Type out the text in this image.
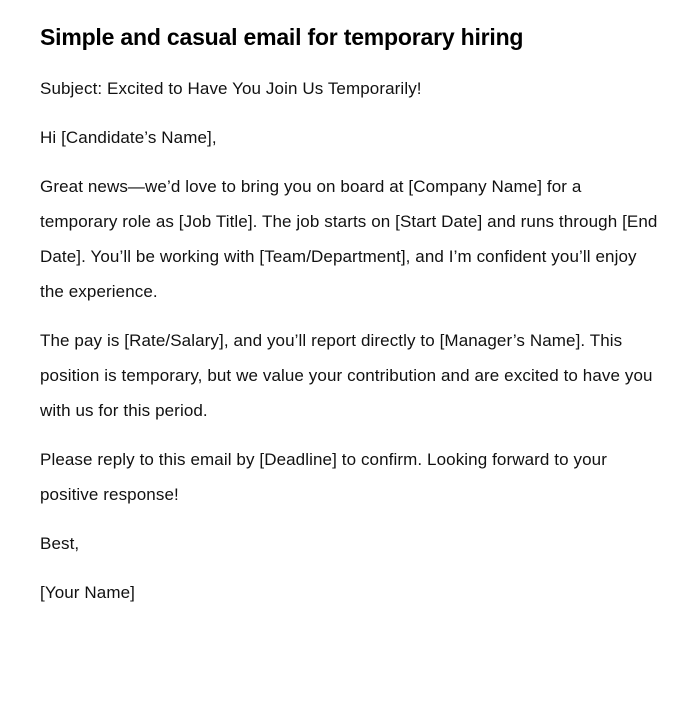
Simple and casual email for temporary hiring

Subject: Excited to Have You Join Us Temporarily!

Hi [Candidate’s Name],

Great news—we’d love to bring you on board at [Company Name] for a temporary role as [Job Title]. The job starts on [Start Date] and runs through [End Date]. You’ll be working with [Team/Department], and I’m confident you’ll enjoy the experience.

The pay is [Rate/Salary], and you’ll report directly to [Manager’s Name]. This position is temporary, but we value your contribution and are excited to have you with us for this period.

Please reply to this email by [Deadline] to confirm. Looking forward to your positive response!

Best,

[Your Name]
